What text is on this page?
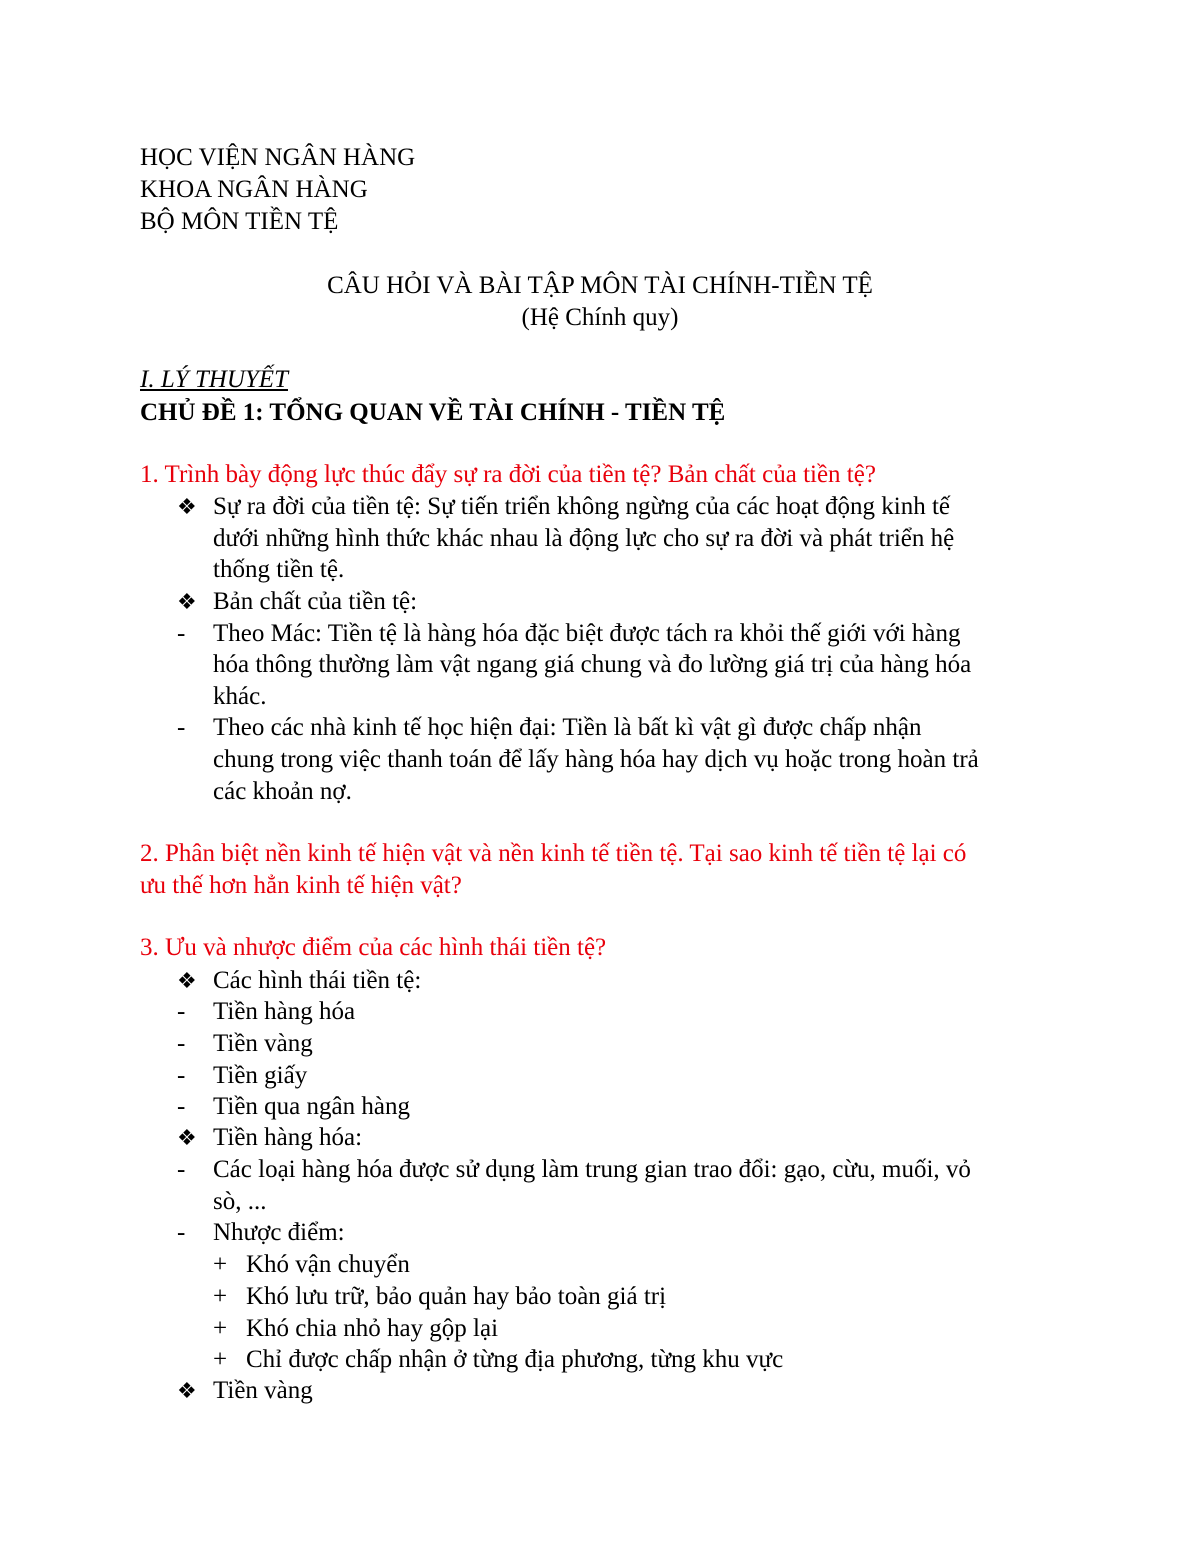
HỌC VIỆN NGÂN HÀNG
KHOA NGÂN HÀNG
BỘ MÔN TIỀN TỆ
CÂU HỎI VÀ BÀI TẬP MÔN TÀI CHÍNH-TIỀN TỆ
(Hệ Chính quy)
I. LÝ THUYẾT
CHỦ ĐỀ 1: TỔNG QUAN VỀ TÀI CHÍNH - TIỀN TỆ
1. Trình bày động lực thúc đẩy sự ra đời của tiền tệ? Bản chất của tiền tệ?
❖ Sự ra đời của tiền tệ: Sự tiến triển không ngừng của các hoạt động kinh tế
dưới những hình thức khác nhau là động lực cho sự ra đời và phát triển hệ
thống tiền tệ.
❖ Bản chất của tiền tệ:
-	Theo Mác: Tiền tệ là hàng hóa đặc biệt được tách ra khỏi thế giới với hàng
hóa thông thường làm vật ngang giá chung và đo lường giá trị của hàng hóa
khác.
-	Theo các nhà kinh tế học hiện đại: Tiền là bất kì vật gì được chấp nhận
chung trong việc thanh toán để lấy hàng hóa hay dịch vụ hoặc trong hoàn trả
các khoản nợ.
2. Phân biệt nền kinh tế hiện vật và nền kinh tế tiền tệ. Tại sao kinh tế tiền tệ lại có
ưu thế hơn hẳn kinh tế hiện vật?
3. Ưu và nhược điểm của các hình thái tiền tệ?
❖ Các hình thái tiền tệ:
-	Tiền hàng hóa
-	Tiền vàng
-	Tiền giấy
-	Tiền qua ngân hàng
❖ Tiền hàng hóa:
-	Các loại hàng hóa được sử dụng làm trung gian trao đổi: gạo, cừu, muối, vỏ
sò, ...
-	Nhược điểm:
+ Khó vận chuyển
+ Khó lưu trữ, bảo quản hay bảo toàn giá trị
+ Khó chia nhỏ hay gộp lại
+ Chỉ được chấp nhận ở từng địa phương, từng khu vực
❖ Tiền vàng
